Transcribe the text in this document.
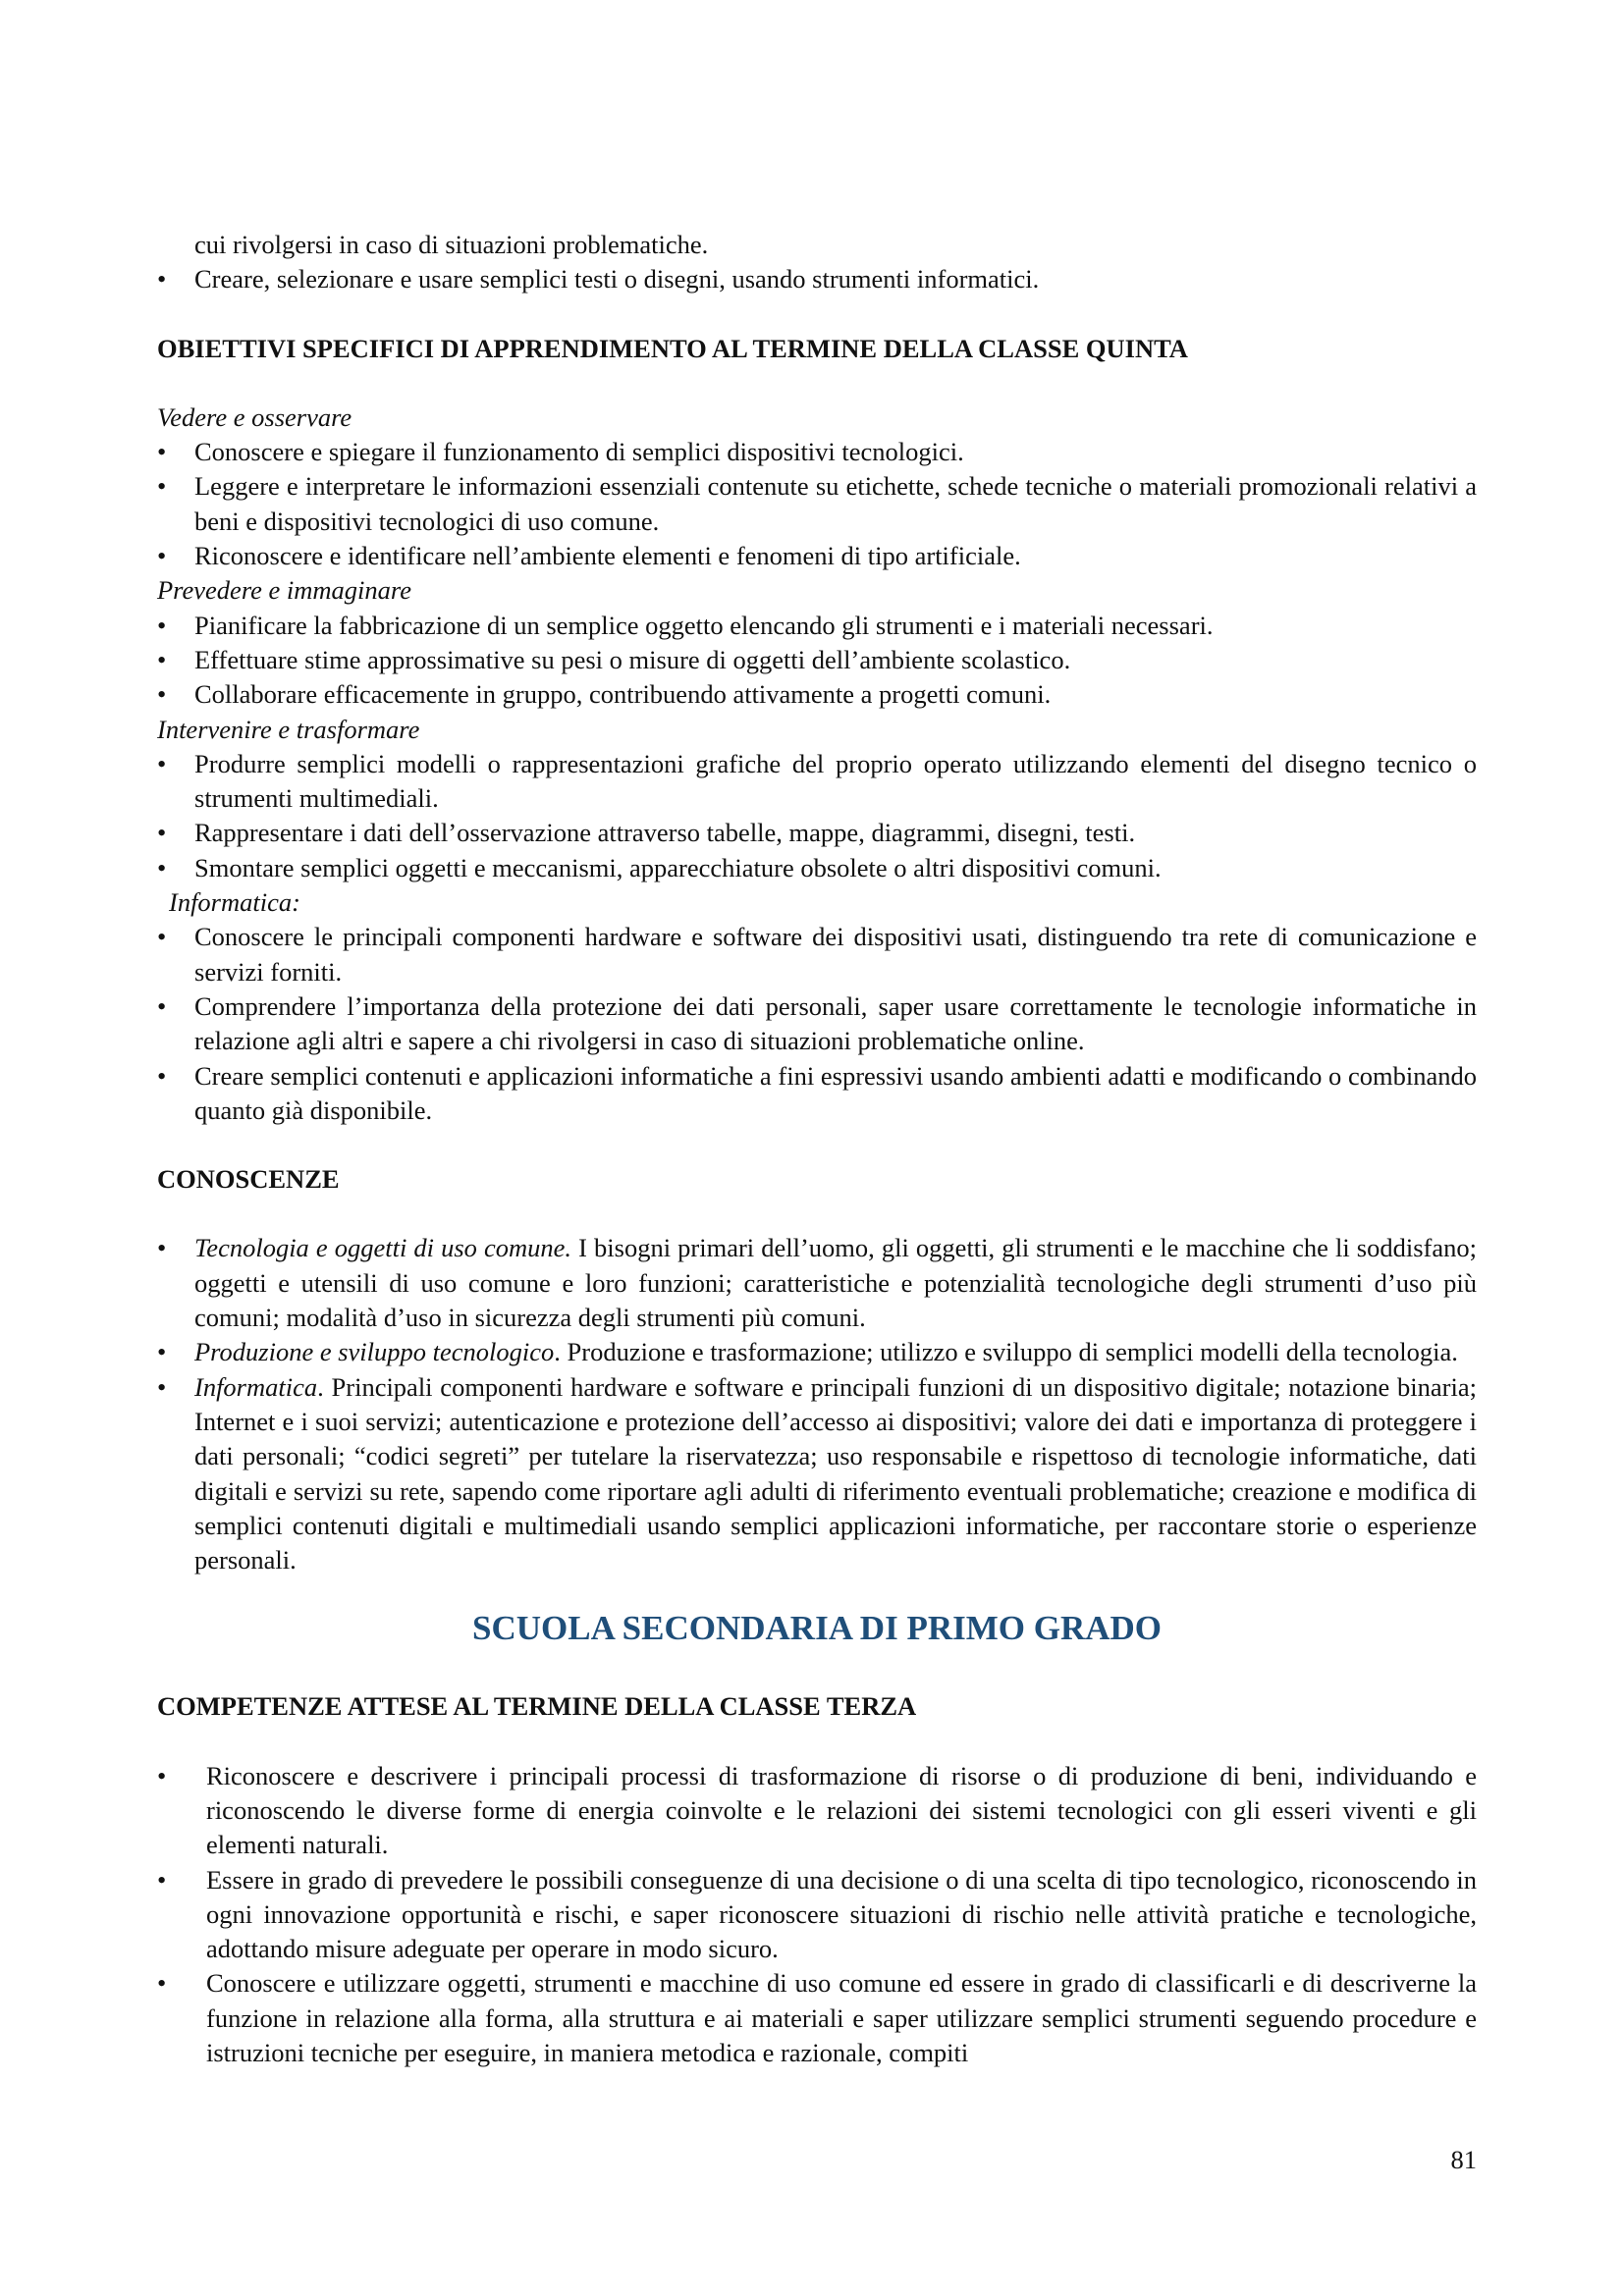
cui rivolgersi in caso di situazioni problematiche.
• Creare, selezionare e usare semplici testi o disegni, usando strumenti informatici.
OBIETTIVI SPECIFICI DI APPRENDIMENTO AL TERMINE DELLA CLASSE QUINTA
Vedere e osservare
• Conoscere e spiegare il funzionamento di semplici dispositivi tecnologici.
• Leggere e interpretare le informazioni essenziali contenute su etichette, schede tecniche o materiali promozionali relativi a beni e dispositivi tecnologici di uso comune.
• Riconoscere e identificare nell’ambiente elementi e fenomeni di tipo artificiale.
Prevedere e immaginare
• Pianificare la fabbricazione di un semplice oggetto elencando gli strumenti e i materiali necessari.
• Effettuare stime approssimative su pesi o misure di oggetti dell’ambiente scolastico.
• Collaborare efficacemente in gruppo, contribuendo attivamente a progetti comuni.
Intervenire e trasformare
• Produrre semplici modelli o rappresentazioni grafiche del proprio operato utilizzando elementi del disegno tecnico o strumenti multimediali.
• Rappresentare i dati dell’osservazione attraverso tabelle, mappe, diagrammi, disegni, testi.
• Smontare semplici oggetti e meccanismi, apparecchiature obsolete o altri dispositivi comuni.
Informatica:
• Conoscere le principali componenti hardware e software dei dispositivi usati, distinguendo tra rete di comunicazione e servizi forniti.
• Comprendere l’importanza della protezione dei dati personali, saper usare correttamente le tecnologie informatiche in relazione agli altri e sapere a chi rivolgersi in caso di situazioni problematiche online.
• Creare semplici contenuti e applicazioni informatiche a fini espressivi usando ambienti adatti e modificando o combinando quanto già disponibile.
CONOSCENZE
• Tecnologia e oggetti di uso comune. I bisogni primari dell’uomo, gli oggetti, gli strumenti e le macchine che li soddisfano; oggetti e utensili di uso comune e loro funzioni; caratteristiche e potenzialità tecnologiche degli strumenti d’uso più comuni; modalità d’uso in sicurezza degli strumenti più comuni.
• Produzione e sviluppo tecnologico. Produzione e trasformazione; utilizzo e sviluppo di semplici modelli della tecnologia.
• Informatica. Principali componenti hardware e software e principali funzioni di un dispositivo digitale; notazione binaria; Internet e i suoi servizi; autenticazione e protezione dell’accesso ai dispositivi; valore dei dati e importanza di proteggere i dati personali; “codici segreti” per tutelare la riservatezza; uso responsabile e rispettoso di tecnologie informatiche, dati digitali e servizi su rete, sapendo come riportare agli adulti di riferimento eventuali problematiche; creazione e modifica di semplici contenuti digitali e multimediali usando semplici applicazioni informatiche, per raccontare storie o esperienze personali.
SCUOLA SECONDARIA DI PRIMO GRADO
COMPETENZE ATTESE AL TERMINE DELLA CLASSE TERZA
• Riconoscere e descrivere i principali processi di trasformazione di risorse o di produzione di beni, individuando e riconoscendo le diverse forme di energia coinvolte e le relazioni dei sistemi tecnologici con gli esseri viventi e gli elementi naturali.
• Essere in grado di prevedere le possibili conseguenze di una decisione o di una scelta di tipo tecnologico, riconoscendo in ogni innovazione opportunità e rischi, e saper riconoscere situazioni di rischio nelle attività pratiche e tecnologiche, adottando misure adeguate per operare in modo sicuro.
• Conoscere e utilizzare oggetti, strumenti e macchine di uso comune ed essere in grado di classificarli e di descriverne la funzione in relazione alla forma, alla struttura e ai materiali e saper utilizzare semplici strumenti seguendo procedure e istruzioni tecniche per eseguire, in maniera metodica e razionale, compiti
81
